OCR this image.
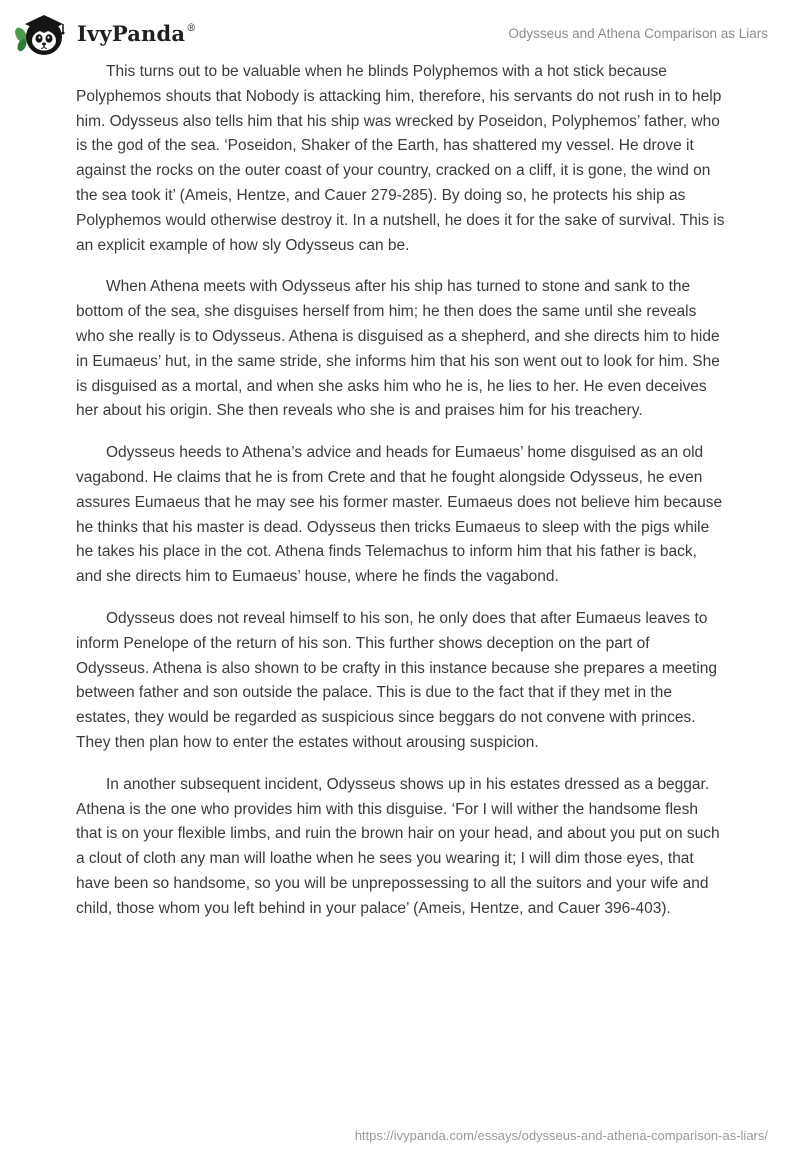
IvyPanda®	Odysseus and Athena Comparison as Liars

This turns out to be valuable when he blinds Polyphemos with a hot stick because Polyphemos shouts that Nobody is attacking him, therefore, his servants do not rush in to help him. Odysseus also tells him that his ship was wrecked by Poseidon, Polyphemos’ father, who is the god of the sea. ‘Poseidon, Shaker of the Earth, has shattered my vessel. He drove it against the rocks on the outer coast of your country, cracked on a cliff, it is gone, the wind on the sea took it’ (Ameis, Hentze, and Cauer 279-285). By doing so, he protects his ship as Polyphemos would otherwise destroy it. In a nutshell, he does it for the sake of survival. This is an explicit example of how sly Odysseus can be.

When Athena meets with Odysseus after his ship has turned to stone and sank to the bottom of the sea, she disguises herself from him; he then does the same until she reveals who she really is to Odysseus. Athena is disguised as a shepherd, and she directs him to hide in Eumaeus’ hut, in the same stride, she informs him that his son went out to look for him. She is disguised as a mortal, and when she asks him who he is, he lies to her. He even deceives her about his origin. She then reveals who she is and praises him for his treachery.

Odysseus heeds to Athena’s advice and heads for Eumaeus’ home disguised as an old vagabond. He claims that he is from Crete and that he fought alongside Odysseus, he even assures Eumaeus that he may see his former master. Eumaeus does not believe him because he thinks that his master is dead. Odysseus then tricks Eumaeus to sleep with the pigs while he takes his place in the cot. Athena finds Telemachus to inform him that his father is back, and she directs him to Eumaeus’ house, where he finds the vagabond.

Odysseus does not reveal himself to his son, he only does that after Eumaeus leaves to inform Penelope of the return of his son. This further shows deception on the part of Odysseus. Athena is also shown to be crafty in this instance because she prepares a meeting between father and son outside the palace. This is due to the fact that if they met in the estates, they would be regarded as suspicious since beggars do not convene with princes. They then plan how to enter the estates without arousing suspicion.

In another subsequent incident, Odysseus shows up in his estates dressed as a beggar. Athena is the one who provides him with this disguise. ‘For I will wither the handsome flesh that is on your flexible limbs, and ruin the brown hair on your head, and about you put on such a clout of cloth any man will loathe when he sees you wearing it; I will dim those eyes, that have been so handsome, so you will be unprepossessing to all the suitors and your wife and child, those whom you left behind in your palace’ (Ameis, Hentze, and Cauer 396-403).

https://ivypanda.com/essays/odysseus-and-athena-comparison-as-liars/
